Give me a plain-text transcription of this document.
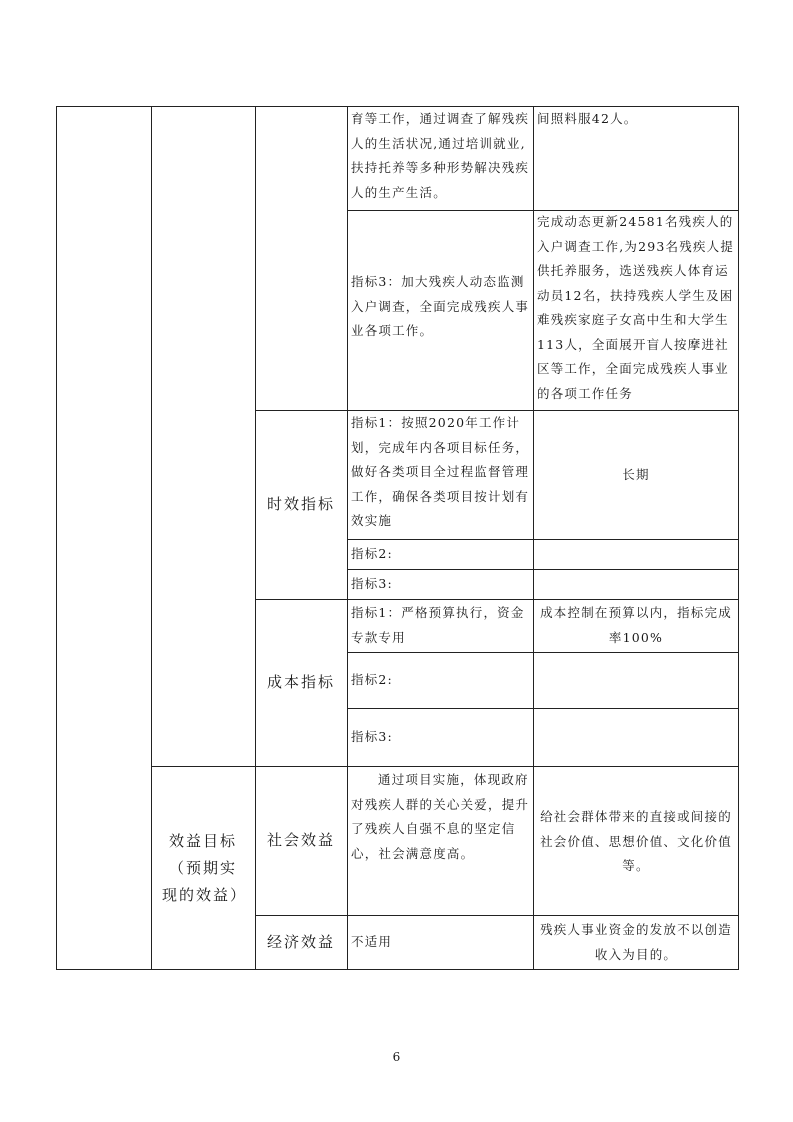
育等工作，通过调查了解残疾人的生活状况,通过培训就业,扶持托养等多种形势解决残疾人的生产生活。
间照料服42人。
指标3：加大残疾人动态监测入户调查，全面完成残疾人事业各项工作。
完成动态更新24581名残疾人的入户调查工作,为293名残疾人提供托养服务，选送残疾人体育运动员12名，扶持残疾人学生及困难残疾家庭子女高中生和大学生113人，全面展开盲人按摩进社区等工作，全面完成残疾人事业的各项工作任务
时效指标
指标1：按照2020年工作计划，完成年内各项目标任务，做好各类项目全过程监督管理工作，确保各类项目按计划有效实施
长期
指标2:
指标3:
成本指标
指标1：严格预算执行，资金专款专用
成本控制在预算以内，指标完成率100%
指标2:
指标3:
效益目标（预期实现的效益）
社会效益
通过项目实施，体现政府对残疾人群的关心关爱，提升了残疾人自强不息的坚定信心，社会满意度高。
给社会群体带来的直接或间接的社会价值、思想价值、文化价值等。
经济效益	不适用
残疾人事业资金的发放不以创造收入为目的。
6
